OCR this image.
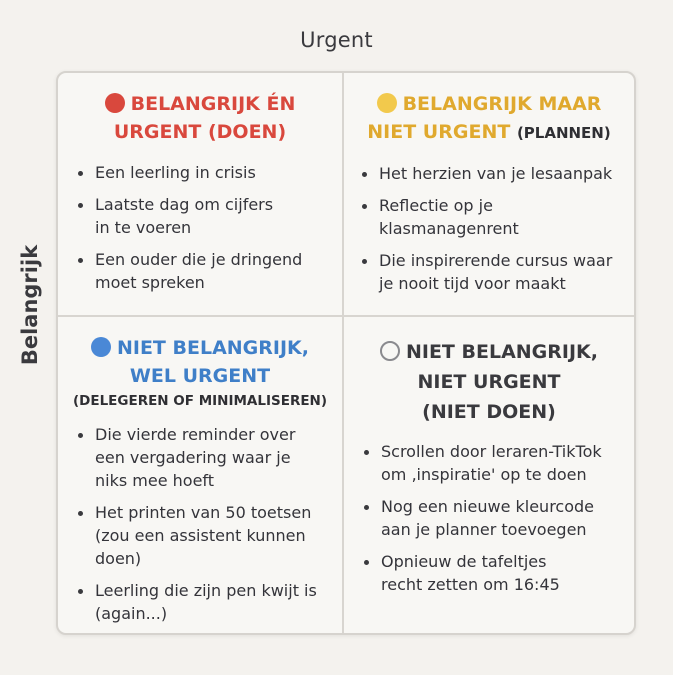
Urgent
Belangrijk
BELANGRIJK ÉN
URGENT (DOEN)
Een leerling in crisis
Laatste dag om cijfers in te voeren
Een ouder die je dringend moet spreken
BELANGRIJK MAAR
NIET URGENT (PLANNEN)
Het herzien van je lesaanpak
Reflectie op je klasmanagenrent
Die inspirerende cursus waar je nooit tijd voor maakt
NIET BELANGRIJK,
WEL URGENT
(DELEGEREN OF MINIMALISEREN)
Die vierde reminder over een vergadering waar je niks mee hoeft
Het printen van 50 toetsen (zou een assistent kunnen doen)
Leerling die zijn pen kwijt is (again...)
NIET BELANGRIJK,
NIET URGENT
(NIET DOEN)
Scrollen door leraren-TikTok om ‚inspiratie' op te doen
Nog een nieuwe kleurcode aan je planner toevoegen
Opnieuw de tafeltjes recht zetten om 16:45
